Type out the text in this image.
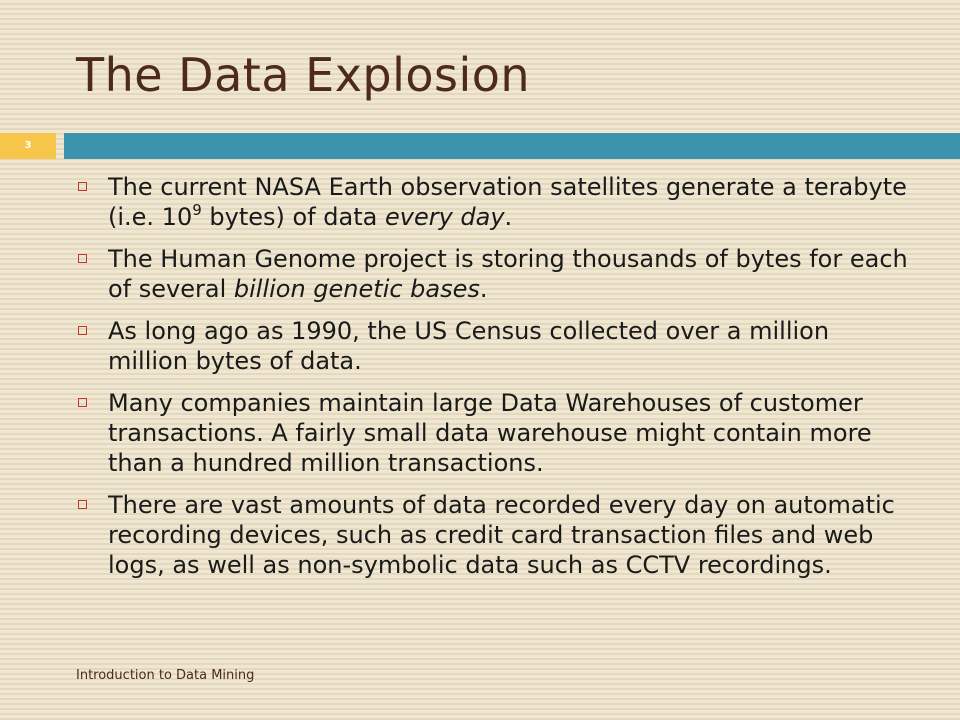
The Data Explosion
3
The current NASA Earth observation satellites generate a terabyte (i.e. $10^9$ bytes) of data every day.
The Human Genome project is storing thousands of bytes for each of several billion genetic bases.
As long ago as 1990, the US Census collected over a million million bytes of data.
Many companies maintain large Data Warehouses of customer transactions. A fairly small data warehouse might contain more than a hundred million transactions.
There are vast amounts of data recorded every day on automatic recording devices, such as credit card transaction files and web logs, as well as non-symbolic data such as CCTV recordings.
Introduction to Data Mining
